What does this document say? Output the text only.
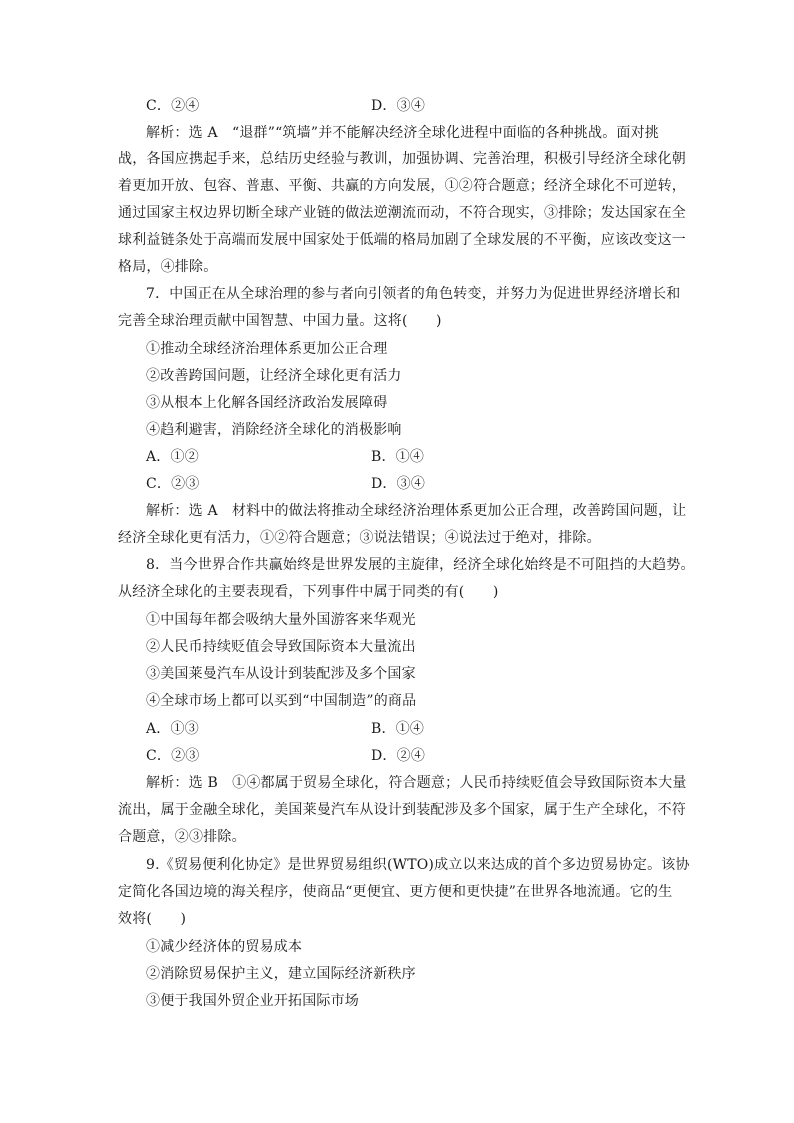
C．②④	D．③④
解析：选 A　“退群”“筑墙”并不能解决经济全球化进程中面临的各种挑战。面对挑
战，各国应携起手来，总结历史经验与教训，加强协调、完善治理，积极引导经济全球化朝
着更加开放、包容、普惠、平衡、共赢的方向发展，①②符合题意；经济全球化不可逆转，
通过国家主权边界切断全球产业链的做法逆潮流而动，不符合现实，③排除；发达国家在全
球利益链条处于高端而发展中国家处于低端的格局加剧了全球发展的不平衡，应该改变这一
格局，④排除。
7．中国正在从全球治理的参与者向引领者的角色转变，并努力为促进世界经济增长和
完善全球治理贡献中国智慧、中国力量。这将(　　)
①推动全球经济治理体系更加公正合理
②改善跨国问题，让经济全球化更有活力
③从根本上化解各国经济政治发展障碍
④趋利避害，消除经济全球化的消极影响
A．①②	B．①④
C．②③	D．③④
解析：选 A　材料中的做法将推动全球经济治理体系更加公正合理，改善跨国问题，让
经济全球化更有活力，①②符合题意；③说法错误；④说法过于绝对，排除。
8．当今世界合作共赢始终是世界发展的主旋律，经济全球化始终是不可阻挡的大趋势。
从经济全球化的主要表现看，下列事件中属于同类的有(　　)
①中国每年都会吸纳大量外国游客来华观光
②人民币持续贬值会导致国际资本大量流出
③美国莱曼汽车从设计到装配涉及多个国家
④全球市场上都可以买到“中国制造”的商品
A．①③	B．①④
C．②③	D．②④
解析：选 B　①④都属于贸易全球化，符合题意；人民币持续贬值会导致国际资本大量
流出，属于金融全球化，美国莱曼汽车从设计到装配涉及多个国家，属于生产全球化，不符
合题意，②③排除。
9.《贸易便利化协定》是世界贸易组织(WTO)成立以来达成的首个多边贸易协定。该协
定简化各国边境的海关程序，使商品“更便宜、更方便和更快捷”在世界各地流通。它的生
效将(　　)
①减少经济体的贸易成本
②消除贸易保护主义，建立国际经济新秩序
③便于我国外贸企业开拓国际市场
